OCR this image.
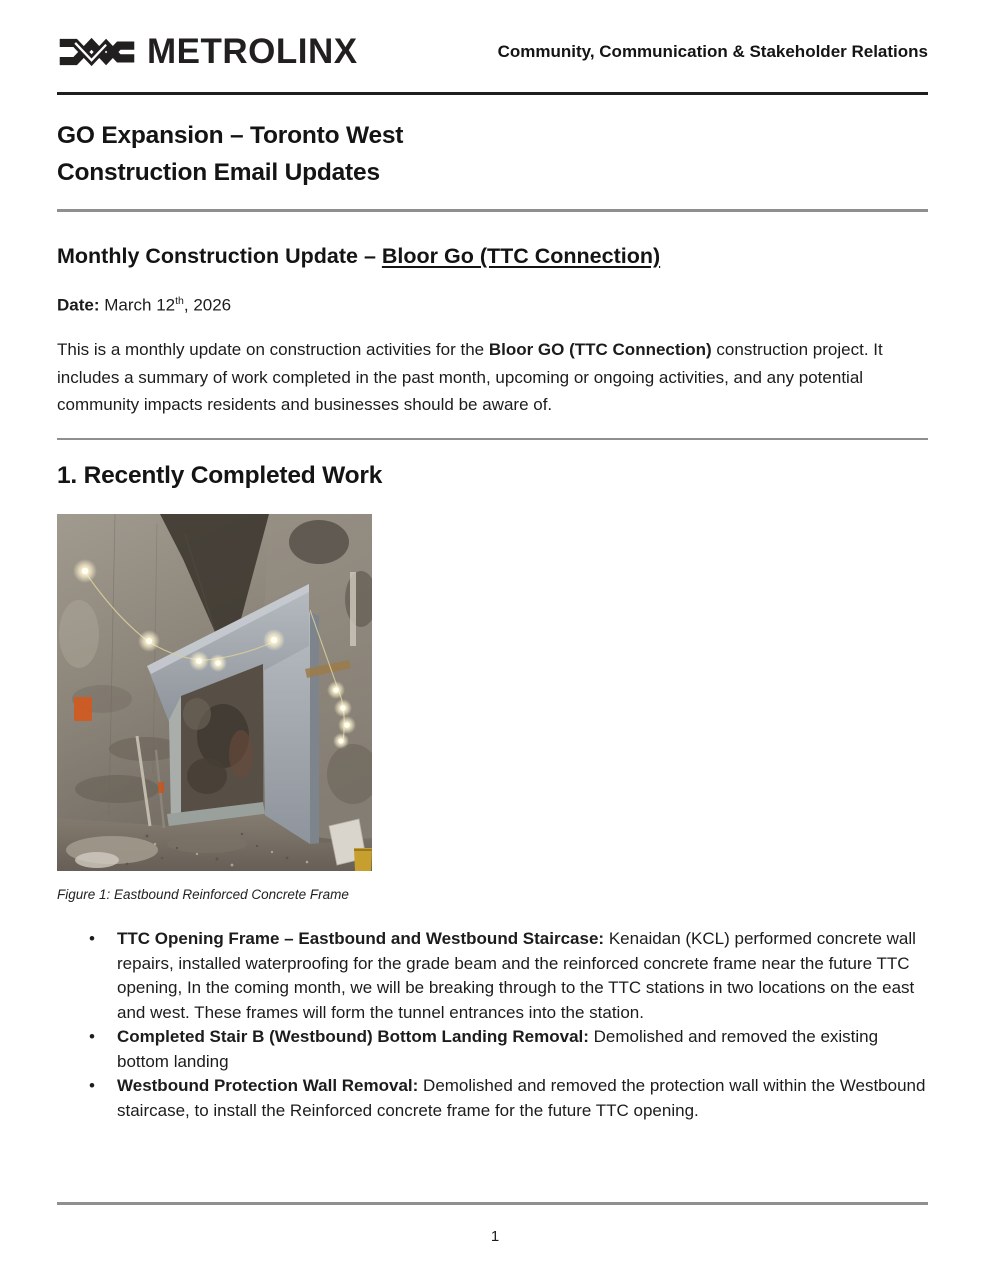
METROLINX	Community, Communication & Stakeholder Relations
GO Expansion – Toronto West
Construction Email Updates
Monthly Construction Update – Bloor Go (TTC Connection)

Date: March 12th, 2026

This is a monthly update on construction activities for the Bloor GO (TTC Connection) construction project. It includes a summary of work completed in the past month, upcoming or ongoing activities, and any potential community impacts residents and businesses should be aware of.

1. Recently Completed Work
Figure 1: Eastbound Reinforced Concrete Frame
• TTC Opening Frame – Eastbound and Westbound Staircase: Kenaidan (KCL) performed concrete wall repairs, installed waterproofing for the grade beam and the reinforced concrete frame near the future TTC opening, In the coming month, we will be breaking through to the TTC stations in two locations on the east and west. These frames will form the tunnel entrances into the station.
• Completed Stair B (Westbound) Bottom Landing Removal: Demolished and removed the existing bottom landing
• Westbound Protection Wall Removal: Demolished and removed the protection wall within the Westbound staircase, to install the Reinforced concrete frame for the future TTC opening.
1
